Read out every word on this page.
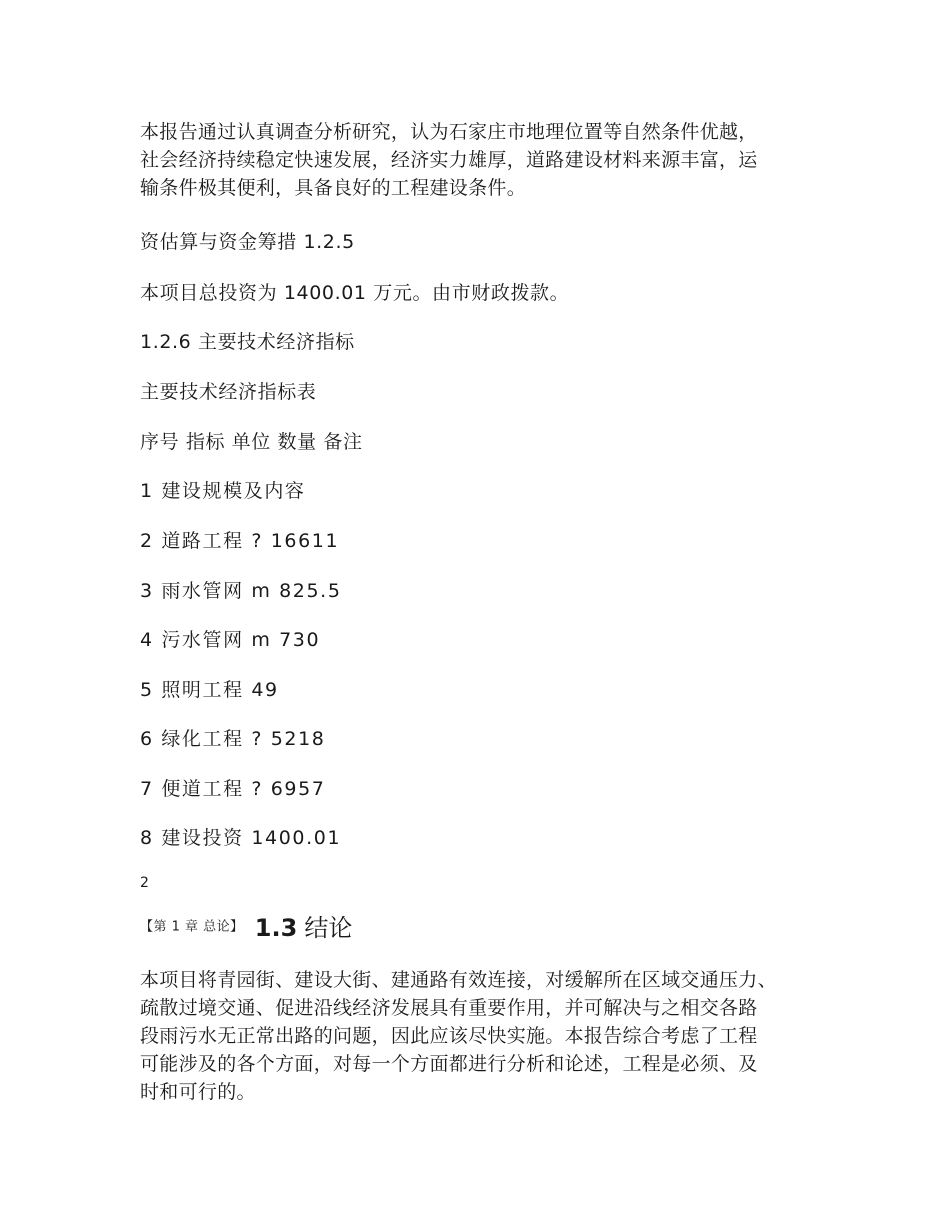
本报告通过认真调查分析研究，认为石家庄市地理位置等自然条件优越，
社会经济持续稳定快速发展，经济实力雄厚，道路建设材料来源丰富，运
输条件极其便利，具备良好的工程建设条件。

资估算与资金筹措 1.2.5

本项目总投资为 1400.01 万元。由市财政拨款。

1.2.6 主要技术经济指标

主要技术经济指标表

序号 指标 单位 数量 备注

1 建设规模及内容

2 道路工程 ? 16611

3 雨水管网 m 825.5

4 污水管网 m 730

5 照明工程 49

6 绿化工程 ? 5218

7 便道工程 ? 6957

8 建设投资 1400.01

2

【第 1 章 总论】 1.3 结论
本项目将青园街、建设大街、建通路有效连接，对缓解所在区域交通压力、
疏散过境交通、促进沿线经济发展具有重要作用，并可解决与之相交各路
段雨污水无正常出路的问题，因此应该尽快实施。本报告综合考虑了工程
可能涉及的各个方面，对每一个方面都进行分析和论述，工程是必须、及
时和可行的。
